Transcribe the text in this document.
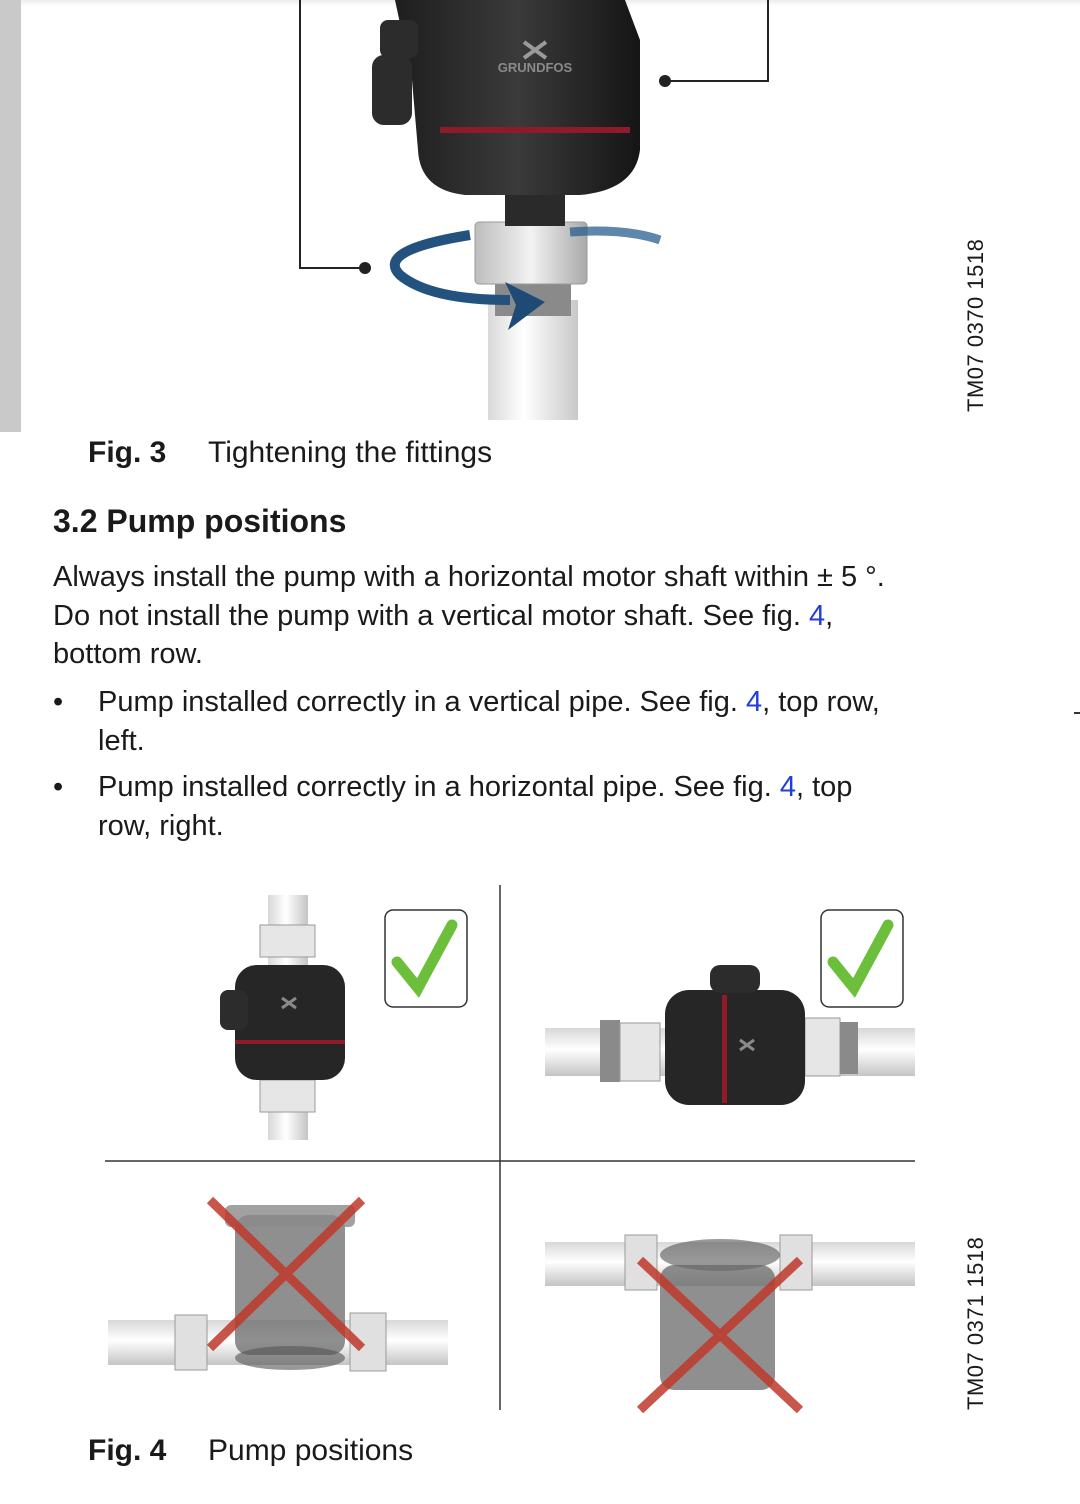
GRUNDFOS
TM07 0370 1518
Fig. 3 Tightening the fittings
3.2 Pump positions

Always install the pump with a horizontal motor shaft within ± 5 °.
Do not install the pump with a vertical motor shaft. See fig. 4,
bottom row.

•	Pump installed correctly in a vertical pipe. See fig. 4, top row,
left.
•	Pump installed correctly in a horizontal pipe. See fig. 4, top
row, right.
TM07 0371 1518
Fig. 4 Pump positions
